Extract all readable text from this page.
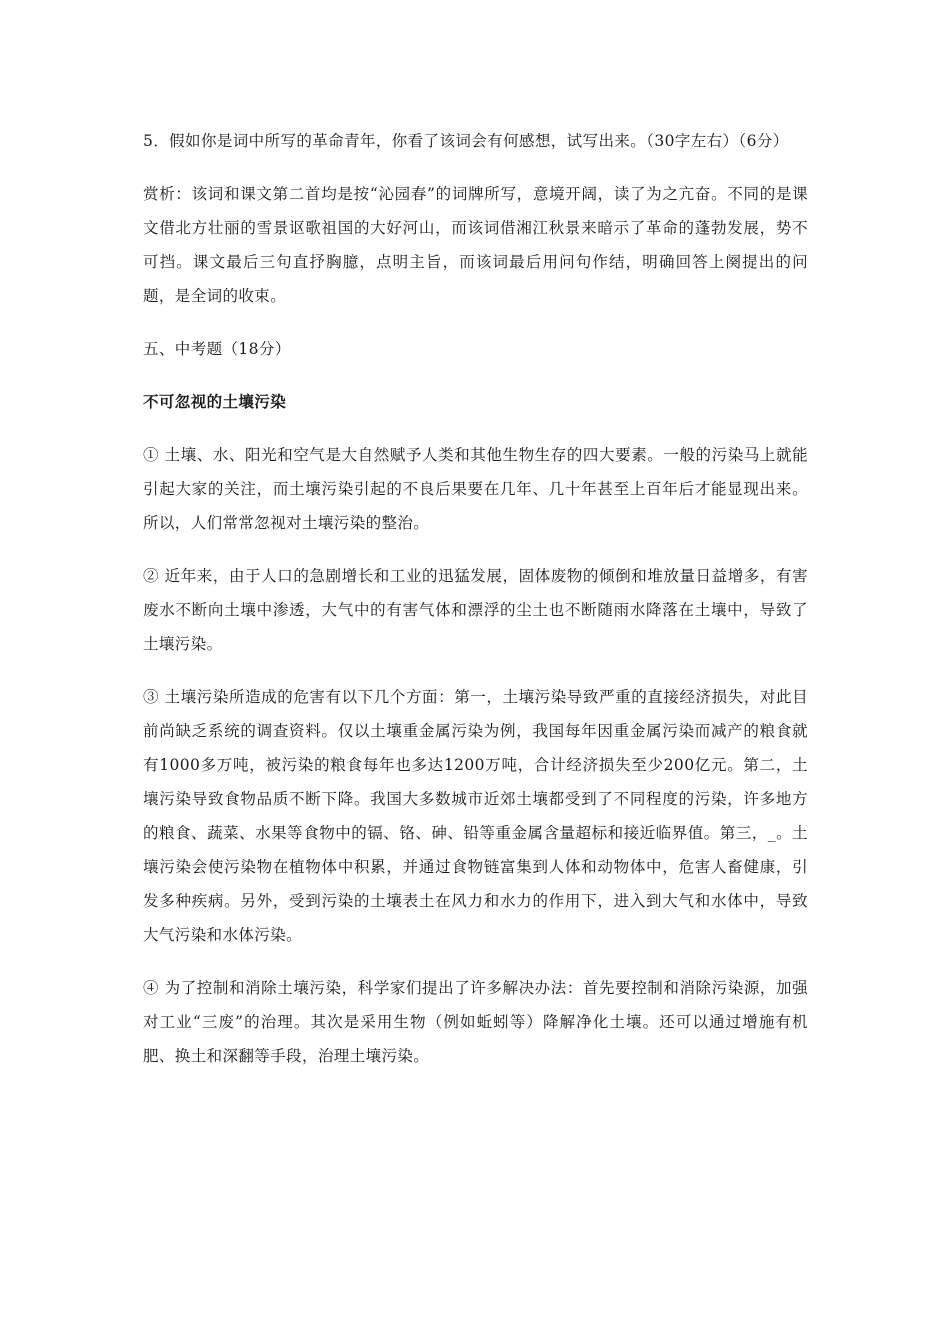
5．假如你是词中所写的革命青年，你看了该词会有何感想，试写出来。（30字左右）（6分）

赏析：该词和课文第二首均是按“沁园春”的词牌所写，意境开阔，读了为之亢奋。不同的是课文借北方壮丽的雪景讴歌祖国的大好河山，而该词借湘江秋景来暗示了革命的蓬勃发展，势不可挡。课文最后三句直抒胸臆，点明主旨，而该词最后用问句作结，明确回答上阕提出的问题，是全词的收束。

五、中考题（18分）

不可忽视的土壤污染

① 土壤、水、阳光和空气是大自然赋予人类和其他生物生存的四大要素。一般的污染马上就能引起大家的关注，而土壤污染引起的不良后果要在几年、几十年甚至上百年后才能显现出来。所以，人们常常忽视对土壤污染的整治。

② 近年来，由于人口的急剧增长和工业的迅猛发展，固体废物的倾倒和堆放量日益增多，有害废水不断向土壤中渗透，大气中的有害气体和漂浮的尘土也不断随雨水降落在土壤中，导致了土壤污染。

③ 土壤污染所造成的危害有以下几个方面：第一，土壤污染导致严重的直接经济损失，对此目前尚缺乏系统的调查资料。仅以土壤重金属污染为例，我国每年因重金属污染而减产的粮食就有1000多万吨，被污染的粮食每年也多达1200万吨，合计经济损失至少200亿元。第二，土壤污染导致食物品质不断下降。我国大多数城市近郊土壤都受到了不同程度的污染，许多地方的粮食、蔬菜、水果等食物中的镉、铬、砷、铅等重金属含量超标和接近临界值。第三，_。土壤污染会使污染物在植物体中积累，并通过食物链富集到人体和动物体中，危害人畜健康，引发多种疾病。另外，受到污染的土壤表土在风力和水力的作用下，进入到大气和水体中，导致大气污染和水体污染。

④ 为了控制和消除土壤污染，科学家们提出了许多解决办法：首先要控制和消除污染源，加强对工业“三废”的治理。其次是采用生物（例如蚯蚓等）降解净化土壤。还可以通过增施有机肥、换土和深翻等手段，治理土壤污染。
